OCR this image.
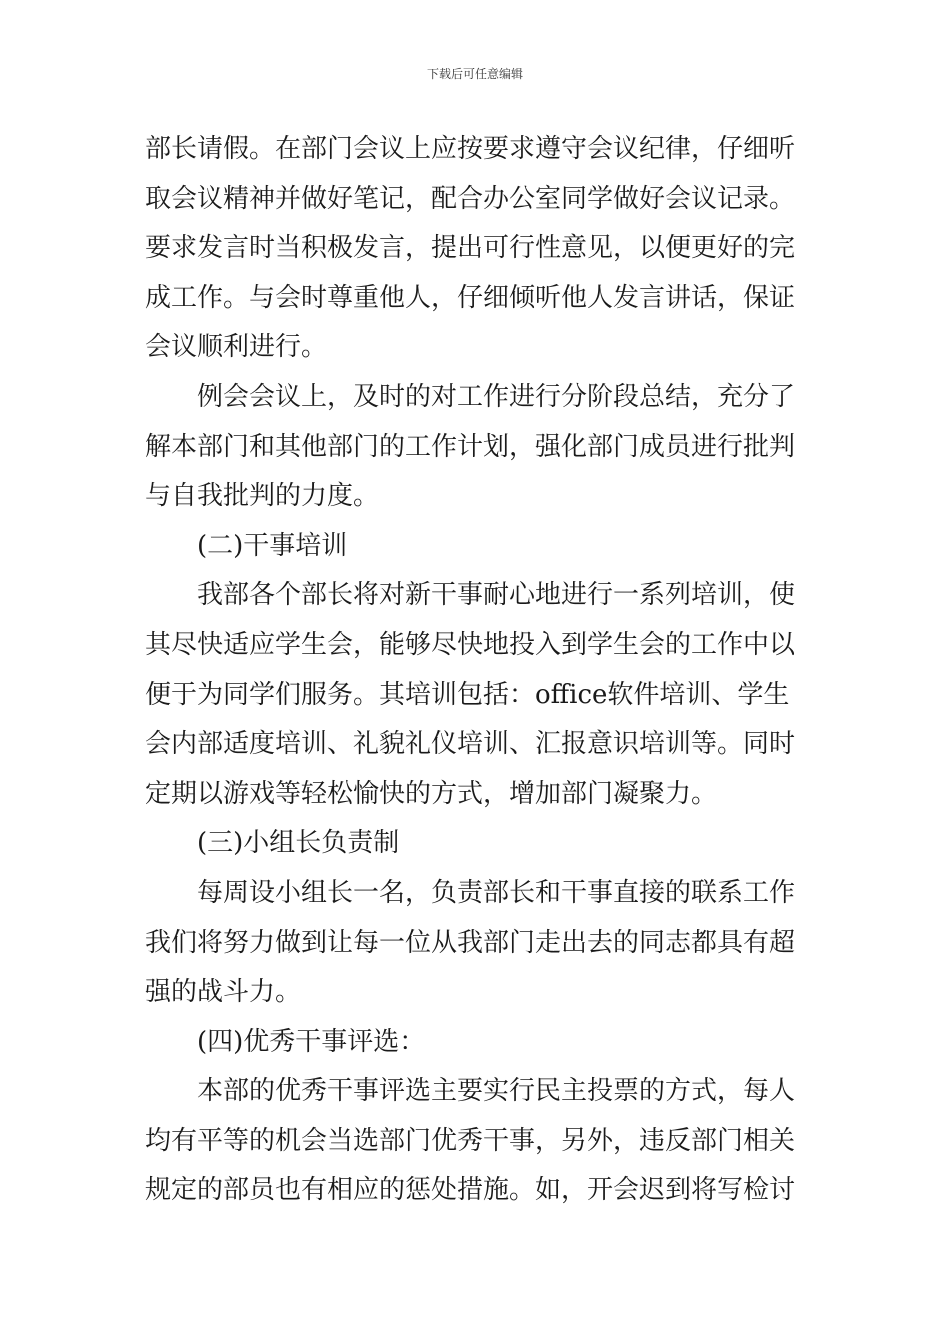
下载后可任意编辑
部长请假。在部门会议上应按要求遵守会议纪律，仔细听
取会议精神并做好笔记，配合办公室同学做好会议记录。
要求发言时当积极发言，提出可行性意见，以便更好的完
成工作。与会时尊重他人，仔细倾听他人发言讲话，保证
会议顺利进行。
例会会议上，及时的对工作进行分阶段总结，充分了
解本部门和其他部门的工作计划，强化部门成员进行批判
与自我批判的力度。
(二)干事培训
我部各个部长将对新干事耐心地进行一系列培训，使
其尽快适应学生会，能够尽快地投入到学生会的工作中以
便于为同学们服务。其培训包括：office软件培训、学生
会内部适度培训、礼貌礼仪培训、汇报意识培训等。同时
定期以游戏等轻松愉快的方式，增加部门凝聚力。
(三)小组长负责制
每周设小组长一名，负责部长和干事直接的联系工作
我们将努力做到让每一位从我部门走出去的同志都具有超
强的战斗力。
(四)优秀干事评选：
本部的优秀干事评选主要实行民主投票的方式，每人
均有平等的机会当选部门优秀干事，另外，违反部门相关
规定的部员也有相应的惩处措施。如，开会迟到将写检讨
